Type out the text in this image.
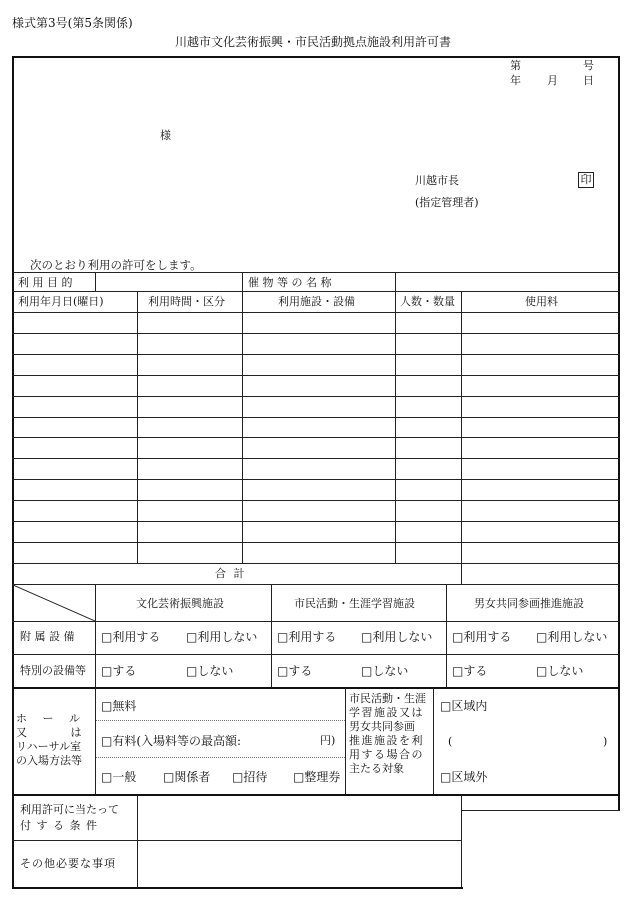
様式第3号(第5条関係)
川越市文化芸術振興・市民活動拠点施設利用許可書
第	号
年 月 日
様
川越市長	印
(指定管理者)
次のとおり利用の許可をします。
利 用 目 的	催 物 等 の 名 称
利用年月日(曜日)	利用時間・区分	利用施設・設備	人数・数量	使用料
合 計
文化芸術振興施設	市民活動・生涯学習施設	男女共同参画推進施設
附 属 設 備 □利用する □利用しない □利用する □利用しない □利用する □利用しない
特別の設備等 □する	□しない	□する	□しない	□する	□しない
ホ ー ル
又 は
リハーサル室
の入場方法等
□無料
□有料(入場料等の最高額:	円)
□一般 □関係者 □招待 □整理券
市民活動・生涯
学習施設又は
男女共同参画
推進施設を利
用する場合の
主たる対象
□区域内
(	)
□区域外
利用許可に当たって
付 す る 条 件
その他必要な事項
